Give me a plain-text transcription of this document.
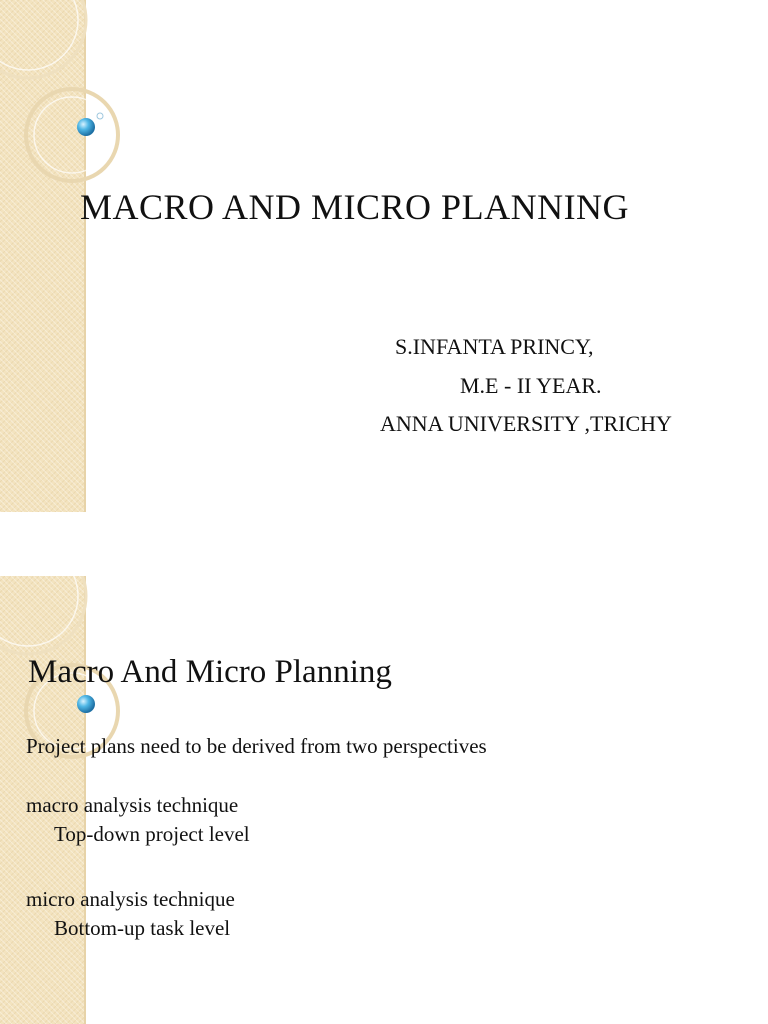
MACRO AND MICRO PLANNING
S.INFANTA PRINCY,
M.E - II YEAR.
ANNA UNIVERSITY ,TRICHY
Macro And Micro Planning
Project plans need to be derived from two perspectives
macro analysis technique
Top-down project level
micro analysis technique
Bottom-up task level
